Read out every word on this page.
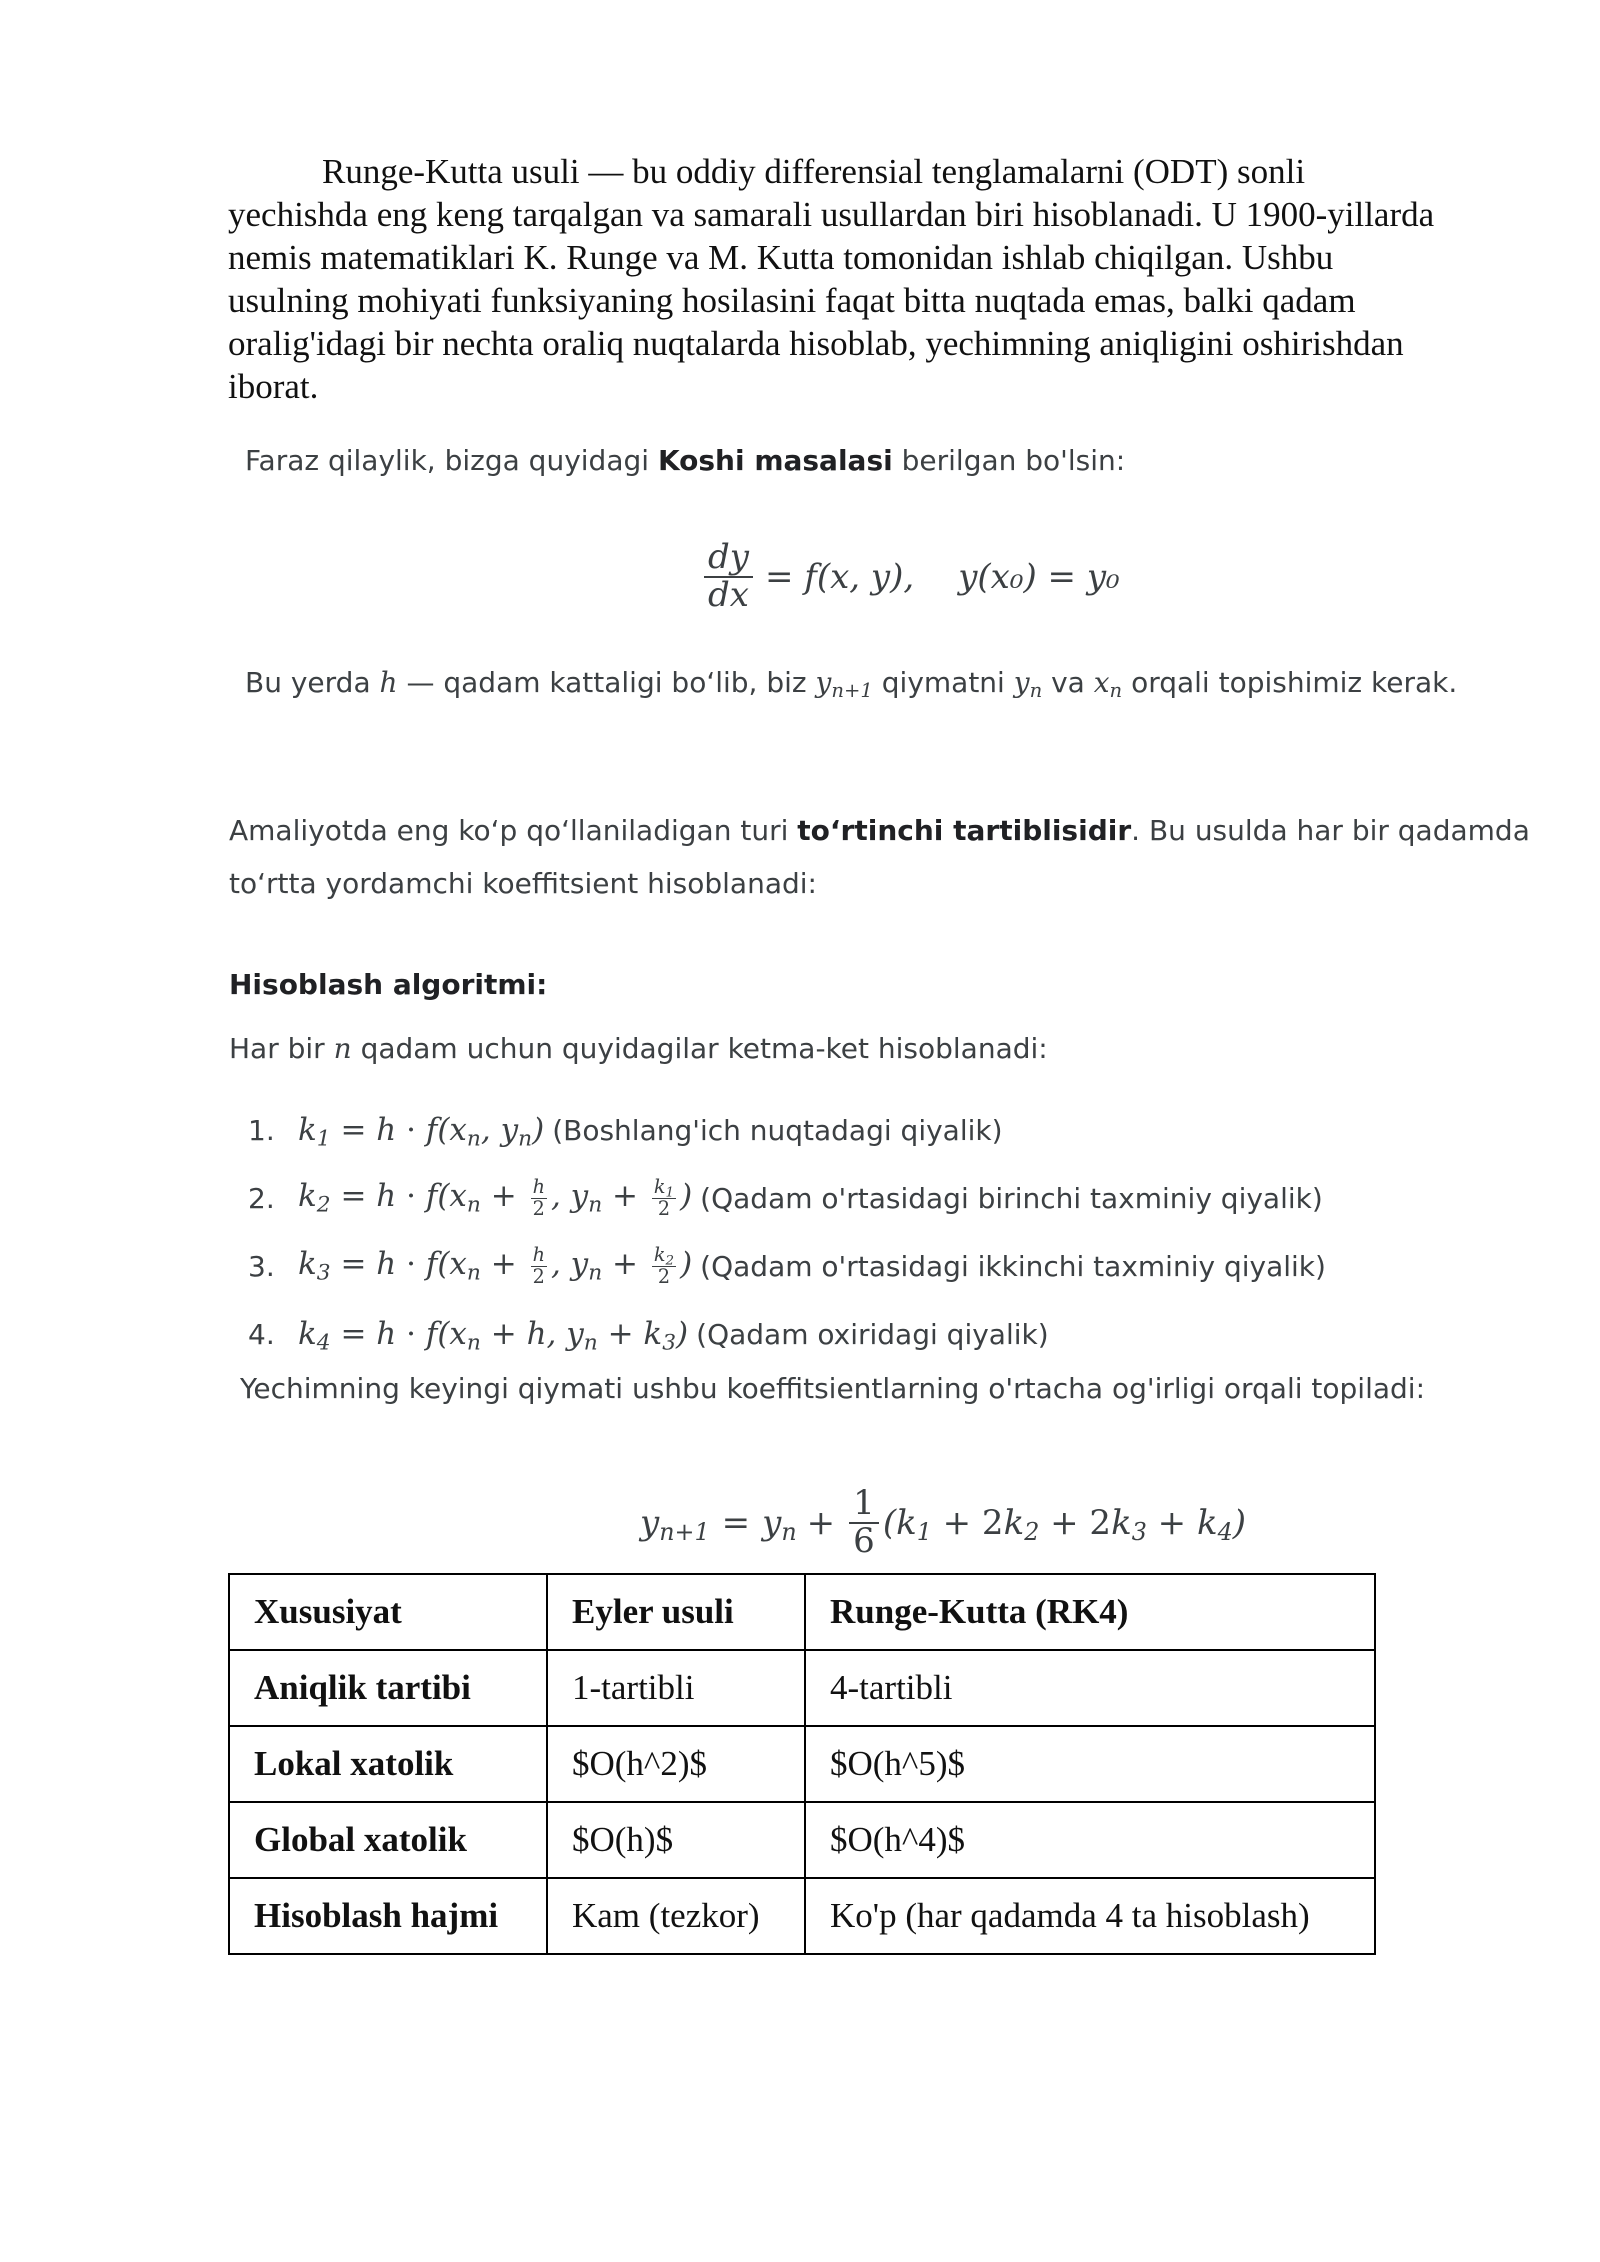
Runge-Kutta usuli — bu oddiy differensial tenglamalarni (ODT) sonli yechishda eng keng tarqalgan va samarali usullardan biri hisoblanadi. U 1900-yillarda nemis matematiklari K. Runge va M. Kutta tomonidan ishlab chiqilgan. Ushbu usulning mohiyati funksiyaning hosilasini faqat bitta nuqtada emas, balki qadam oralig'idagi bir nechta oraliq nuqtalarda hisoblab, yechimning aniqligini oshirishdan iborat.

Faraz qilaylik, bizga quyidagi Koshi masalasi berilgan bo'lsin:
$\frac{dy}{dx} = f(x$, y), y(x₀) = y₀
Bu yerda h — qadam kattaligi bo‘lib, biz $y_{n+1}$ qiymatni $y_n$ va $x_n$ orqali topishimiz kerak.
Amaliyotda eng ko‘p qo‘llaniladigan turi to‘rtinchi tartiblisidir. Bu usulda har bir qadamda
to‘rtta yordamchi koeffitsient hisoblanadi:
Hisoblash algoritmi:
Har bir n qadam uchun quyidagilar ketma-ket hisoblanadi:
1. $k_1 = h \cdot f(x_n$, $y_n$) (Boshlang'ich nuqtadagi qiyalik)
2. $k_2 = h \cdot f(x_n + \frac{h}{2}$ , $y_n + \frac{k_1}{2}$ ) (Qadam o'rtasidagi birinchi taxminiy qiyalik)
3. $k_3 = h \cdot f(x_n + \frac{h}{2}$ , $y_n + \frac{k_2}{2}$ ) (Qadam o'rtasidagi ikkinchi taxminiy qiyalik)
4. $k_4 = h \cdot f(x_n + h$, $y_n + k_3$) (Qadam oxiridagi qiyalik)
Yechimning keyingi qiymati ushbu koeffitsientlarning o'rtacha og'irligi orqali topiladi:
$y_{n+1} = y_n + \frac{1}{6} (k_1 + 2k_2 + 2k_3 + k_4)$
Xususiyat	Eyler usuli	Runge-Kutta (RK4)
Aniqlik tartibi	1-tartibli	4-tartibli
Lokal xatolik	$O(h^2)$	$O(h^5)$
Global xatolik	$O(h)$	$O(h^4)$
Hisoblash hajmi	Kam (tezkor)	Ko'p (har qadamda 4 ta hisoblash)
